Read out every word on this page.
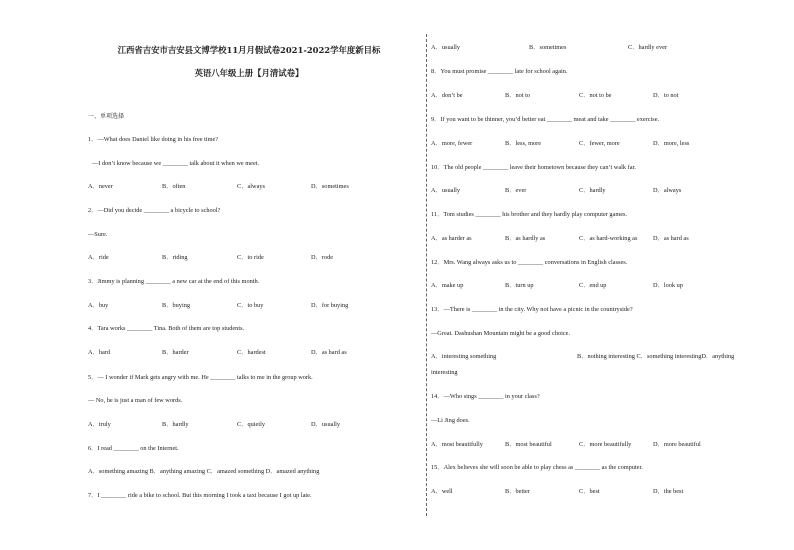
江西省吉安市吉安县文博学校11月月假试卷2021-2022学年度新目标
英语八年级上册【月清试卷】
一、单项选择
1．—What does Daniel like doing in his free time?
—I don’t know because we ________ talk about it when we meet.
A．never	B．often	C．always	D．sometimes
2．—Did you decide ________ a bicycle to school?
—Sure.
A．ride	B．riding	C．to ride	D．rode
3．Jimmy is planning ________ a new car at the end of this month.
A．buy	B．buying	C．to buy	D．for buying
4．Tara works ________ Tina. Both of them are top students.
A．hard	B．harder	C．hardest	D．as hard as
5．— I wonder if Mark gets angry with me. He ________ talks to me in the group work.
— No, he is just a man of few words.
A．truly	B．hardly	C．quietly	D．usually
6．I read ________ on the Internet.
A．something amazing B．anything amazing C．amazed something D．amazed anything
7．I ________ ride a bike to school. But this morning I took a taxi because I got up late.
A．usually	B．sometimes	C．hardly ever
8．You must promise ________ late for school again.
A．don’t be	B．not to	C．not to be	D．to not
9．If you want to be thinner, you’d better eat ________ meat and take ________ exercise.
A．more, fewer	B．less, more	C．fewer, more	D．more, less
10．The old people ________ leave their hometown because they can’t walk far.
A．usually	B．ever	C．hardly	D．always
11．Tom studies ________ his brother and they hardly play computer games.
A．as harder as	B．as hardly as	C．as hard-working as D．as hard as
12．Mrs. Wang always asks us to ________ conversations in English classes.
A．make up	B．turn up	C．end up	D．look up
13．—There is ________ in the city. Why not have a picnic in the countryside?
—Great. Dashushan Mountain might be a good choice.
A．interesting something	B．nothing interesting C．something interestingD．anything
interesting
14．—Who sings ________ in your class?
—Li Jing does.
A．most beautifully	B．most beautiful	C．more beautifully	D．more beautiful
15．Alex believes she will soon be able to play chess as ________ as the computer.
A．well	B．better	C．best	D．the best
